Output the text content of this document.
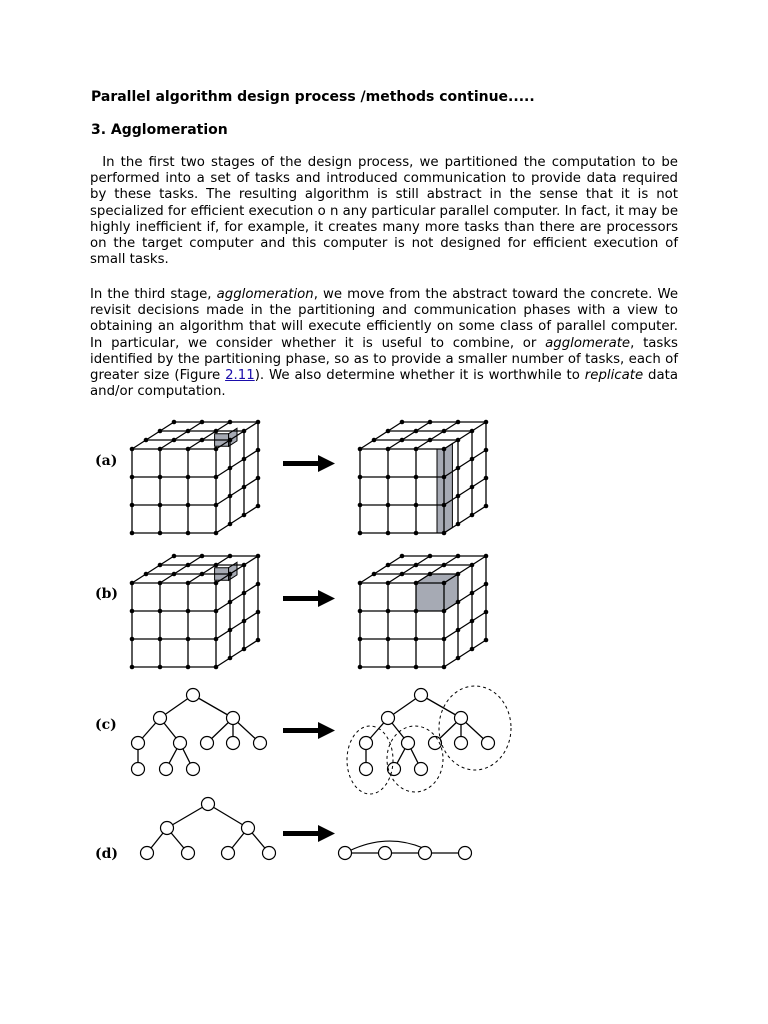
Parallel algorithm design process /methods continue.....
3. Agglomeration

In the first two stages of the design process, we partitioned the computation to be performed into a set of tasks and introduced communication to provide data required by these tasks. The resulting algorithm is still abstract in the sense that it is not specialized for efficient execution o n any particular parallel computer. In fact, it may be highly inefficient if, for example, it creates many more tasks than there are processors on the target computer and this computer is not designed for efficient execution of small tasks.

In the third stage, agglomeration, we move from the abstract toward the concrete. We revisit decisions made in the partitioning and communication phases with a view to obtaining an algorithm that will execute efficiently on some class of parallel computer. In particular, we consider whether it is useful to combine, or agglomerate, tasks identified by the partitioning phase, so as to provide a smaller number of tasks, each of greater size (Figure 2.11). We also determine whether it is worthwhile to replicate data and/or computation.

(a)
(b)
(c)
(d)
